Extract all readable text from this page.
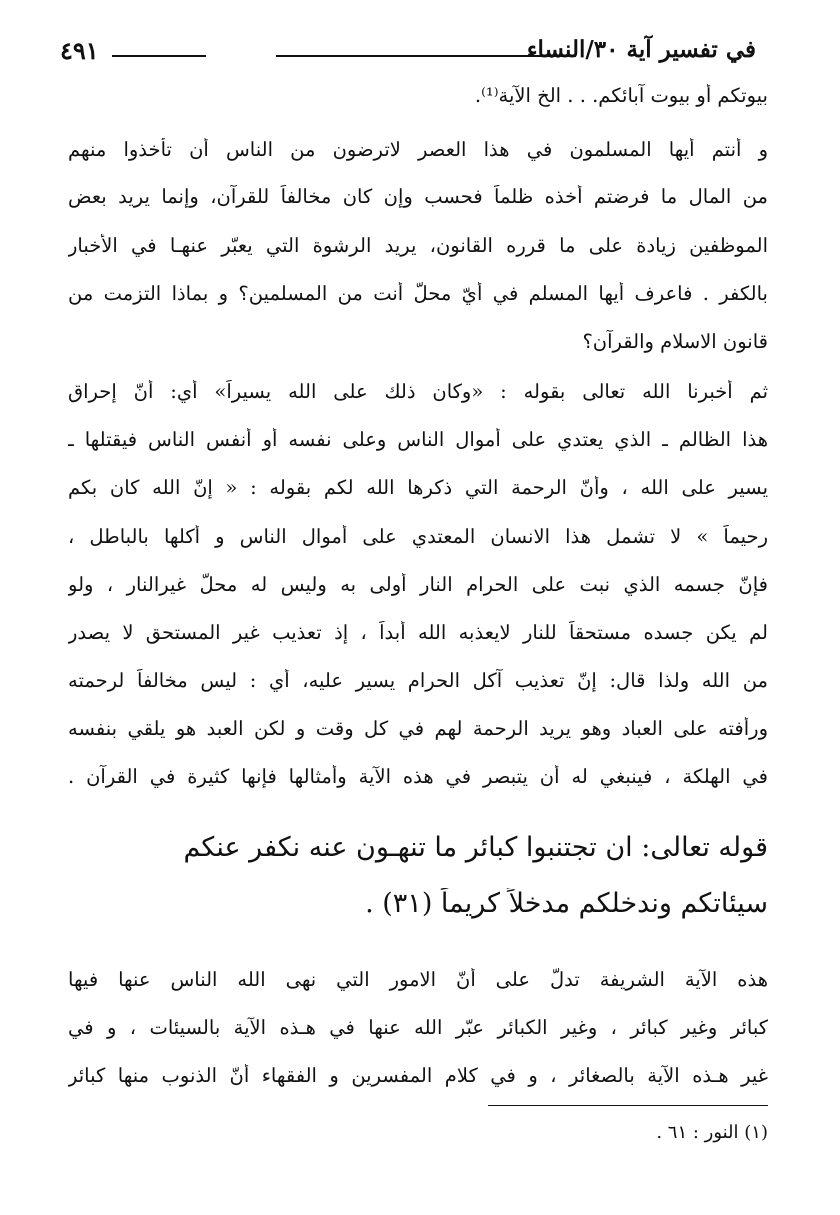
٤٩١	في تفسير آية ٣٠/النساء
بيوتكم أو بيوت آبائكم. . . الخ الآية⁽¹⁾.
و أنتم أيها المسلمون في هذا العصر لاترضون من الناس أن تأخذوا منهم
من المال ما فرضتم أخذه ظلماً فحسب وإن كان مخالفاً للقرآن، وإنما يريد بعض
الموظفين زيادة على ما قرره القانون، يريد الرشوة التي يعبّر عنهـا في الأخبار
بالكفر . فاعرف أيها المسلم في أيّ محلّ أنت من المسلمين؟ و بماذا التزمت من
قانون الاسلام والقرآن؟
ثم أخبرنا الله تعالى بقوله : «وكان ذلك على الله يسيراً» أي: أنّ إحراق
هذا الظالم ـ الذي يعتدي على أموال الناس وعلى نفسه أو أنفس الناس فيقتلها ـ
يسير على الله ، وأنّ الرحمة التي ذكرها الله لكم بقوله : « إنّ الله كان بكم
رحيماً » لا تشمل هذا الانسان المعتدي على أموال الناس و أكلها بالباطل ،
فإنّ جسمه الذي نبت على الحرام النار أولى به وليس له محلّ غيرالنار ، ولو
لم يكن جسده مستحقاً للنار لايعذبه الله أبداً ، إذ تعذيب غير المستحق لا يصدر
من الله ولذا قال: إنّ تعذيب آكل الحرام يسير عليه، أي : ليس مخالفاً لرحمته
ورأفته على العباد وهو يريد الرحمة لهم في كل وقت و لكن العبد هو يلقي بنفسه
في الهلكة ، فينبغي له أن يتبصر في هذه الآية وأمثالها فإنها كثيرة في القرآن .
قوله تعالى: ان تجتنبوا كبائر ما تنهـون عنه نكفر عنكم
سيئاتكم وندخلكم مدخلاً كريماً (٣١) .
هذه الآية الشريفة تدلّ على أنّ الامور التي نهى الله الناس عنها فيها
كبائر وغير كبائر ، وغير الكبائر عبّر الله عنها في هـذه الآية بالسيئات ، و في
غير هـذه الآية بالصغائر ، و في كلام المفسرين و الفقهاء أنّ الذنوب منها كبائر
(١) النور : ٦١ .
